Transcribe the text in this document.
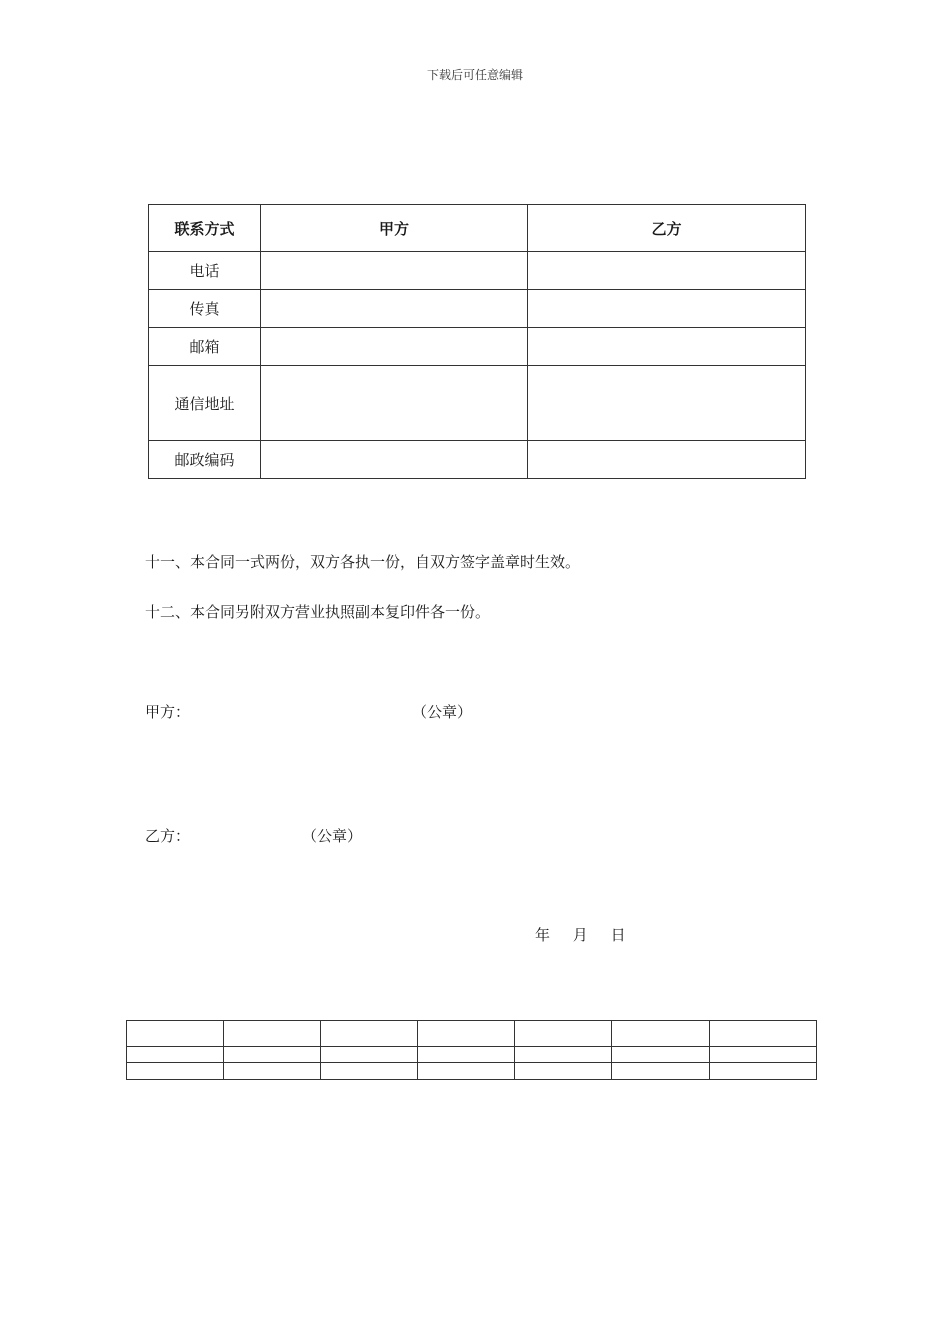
下载后可任意编辑
联系方式	甲方	乙方
电话		
传真		
邮箱		
通信地址		
邮政编码		
十一、本合同一式两份，双方各执一份，自双方签字盖章时生效。
十二、本合同另附双方营业执照副本复印件各一份。
甲方：	（公章）
乙方：	（公章）
年 月 日
